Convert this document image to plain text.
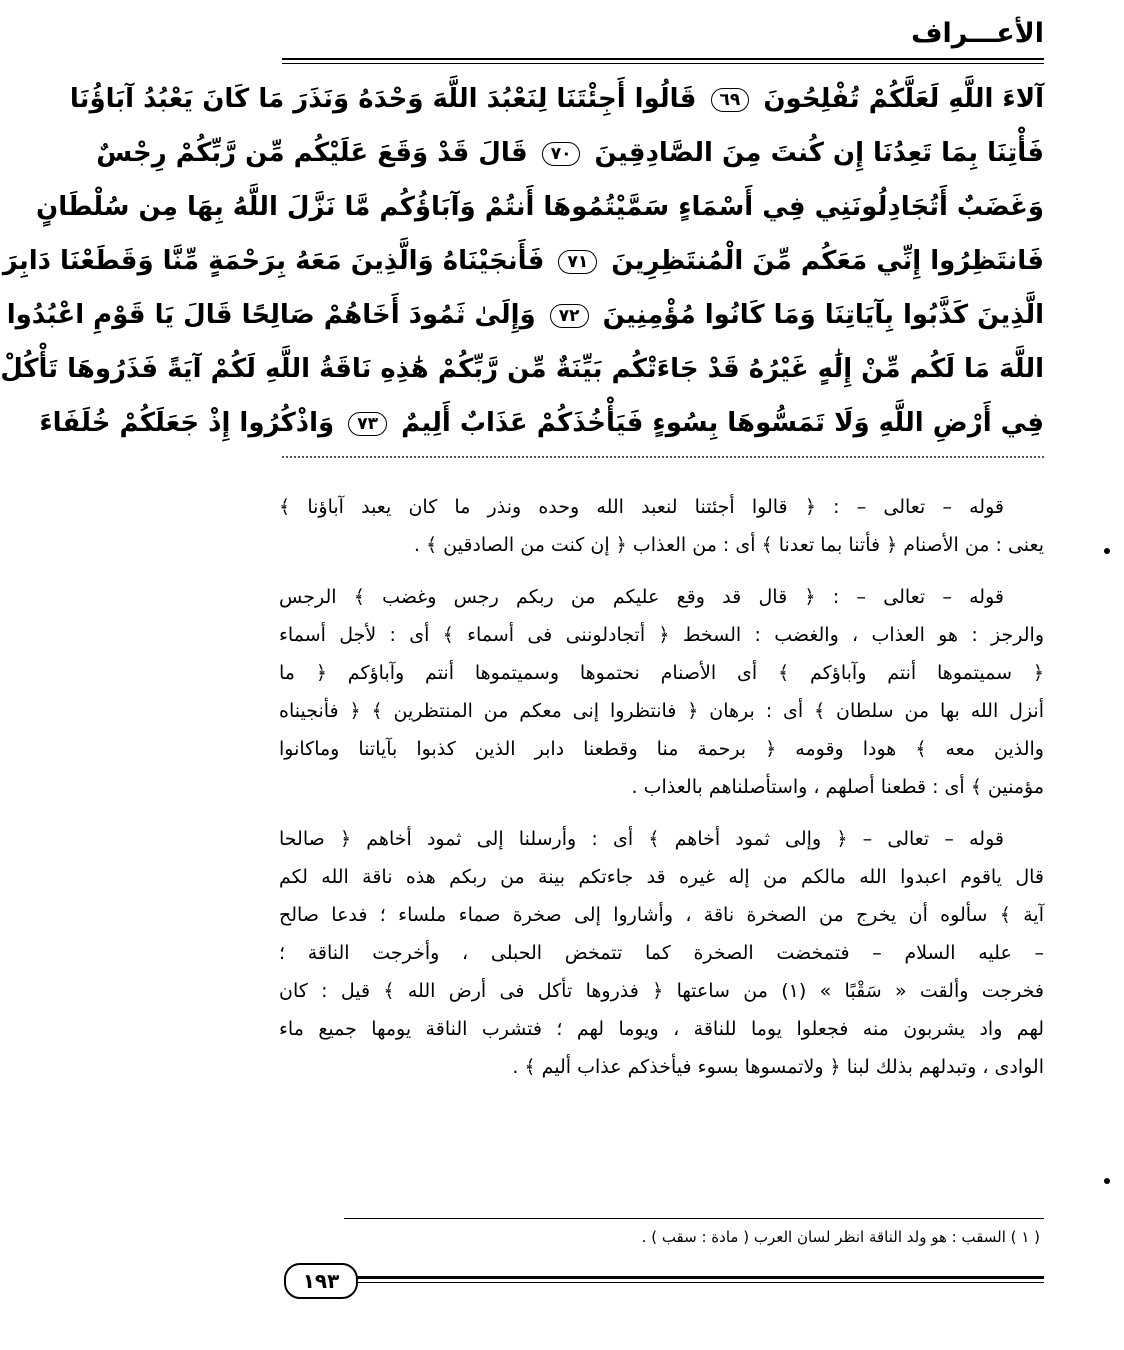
الأعـــراف
آلاءَ اللَّهِ لَعَلَّكُمْ تُفْلِحُونَ ٦٩ قَالُوا أَجِئْتَنَا لِنَعْبُدَ اللَّهَ وَحْدَهُ وَنَذَرَ مَا كَانَ يَعْبُدُ آبَاؤُنَا
فَأْتِنَا بِمَا تَعِدُنَا إِن كُنتَ مِنَ الصَّادِقِينَ ٧٠ قَالَ قَدْ وَقَعَ عَلَيْكُم مِّن رَّبِّكُمْ رِجْسٌ
وَغَضَبٌ أَتُجَادِلُونَنِي فِي أَسْمَاءٍ سَمَّيْتُمُوهَا أَنتُمْ وَآبَاؤُكُم مَّا نَزَّلَ اللَّهُ بِهَا مِن سُلْطَانٍ
فَانتَظِرُوا إِنِّي مَعَكُم مِّنَ الْمُنتَظِرِينَ ٧١ فَأَنجَيْنَاهُ وَالَّذِينَ مَعَهُ بِرَحْمَةٍ مِّنَّا وَقَطَعْنَا دَابِرَ
الَّذِينَ كَذَّبُوا بِآيَاتِنَا وَمَا كَانُوا مُؤْمِنِينَ ٧٢ وَإِلَىٰ ثَمُودَ أَخَاهُمْ صَالِحًا قَالَ يَا قَوْمِ اعْبُدُوا
اللَّهَ مَا لَكُم مِّنْ إِلَٰهٍ غَيْرُهُ قَدْ جَاءَتْكُم بَيِّنَةٌ مِّن رَّبِّكُمْ هَٰذِهِ نَاقَةُ اللَّهِ لَكُمْ آيَةً فَذَرُوهَا تَأْكُلْ
فِي أَرْضِ اللَّهِ وَلَا تَمَسُّوهَا بِسُوءٍ فَيَأْخُذَكُمْ عَذَابٌ أَلِيمٌ ٧٣ وَاذْكُرُوا إِذْ جَعَلَكُمْ خُلَفَاءَ
قوله – تعالى – : ﴿ قالوا أجئتنا لنعبد الله وحده ونذر ما كان يعبد آباؤنا ﴾
يعنى : من الأصنام ﴿ فأتنا بما تعدنا ﴾ أى : من العذاب ﴿ إن كنت من الصادقين ﴾ .
قوله – تعالى – : ﴿ قال قد وقع عليكم من ربكم رجس وغضب ﴾ الرجس
والرجز : هو العذاب ، والغضب : السخط ﴿ أتجادلوننى فى أسماء ﴾ أى : لأجل أسماء
﴿ سميتموها أنتم وآباؤكم ﴾ أى الأصنام نحتموها وسميتموها أنتم وآباؤكم ﴿ ما
أنزل الله بها من سلطان ﴾ أى : برهان ﴿ فانتظروا إنى معكم من المنتظرين ﴾ ﴿ فأنجيناه
والذين معه ﴾ هودا وقومه ﴿ برحمة منا وقطعنا دابر الذين كذبوا بآياتنا وماكانوا
مؤمنين ﴾ أى : قطعنا أصلهم ، واستأصلناهم بالعذاب .
قوله – تعالى – ﴿ وإلى ثمود أخاهم ﴾ أى : وأرسلنا إلى ثمود أخاهم ﴿ صالحا
قال ياقوم اعبدوا الله مالكم من إله غيره قد جاءتكم بينة من ربكم هذه ناقة الله لكم
آية ﴾ سألوه أن يخرج من الصخرة ناقة ، وأشاروا إلى صخرة صماء ملساء ؛ فدعا صالح
– عليه السلام – فتمخضت الصخرة كما تتمخض الحبلى ، وأخرجت الناقة ؛
فخرجت وألقت « سَقْبًا » (١) من ساعتها ﴿ فذروها تأكل فى أرض الله ﴾ قيل : كان
لهم واد يشربون منه فجعلوا يوما للناقة ، ويوما لهم ؛ فتشرب الناقة يومها جميع ماء
الوادى ، وتبدلهم بذلك لبنا ﴿ ولاتمسوها بسوء فيأخذكم عذاب أليم ﴾ .
( ١ ) السقب : هو ولد الناقة انظر لسان العرب ( مادة : سقب ) .
١٩٣
